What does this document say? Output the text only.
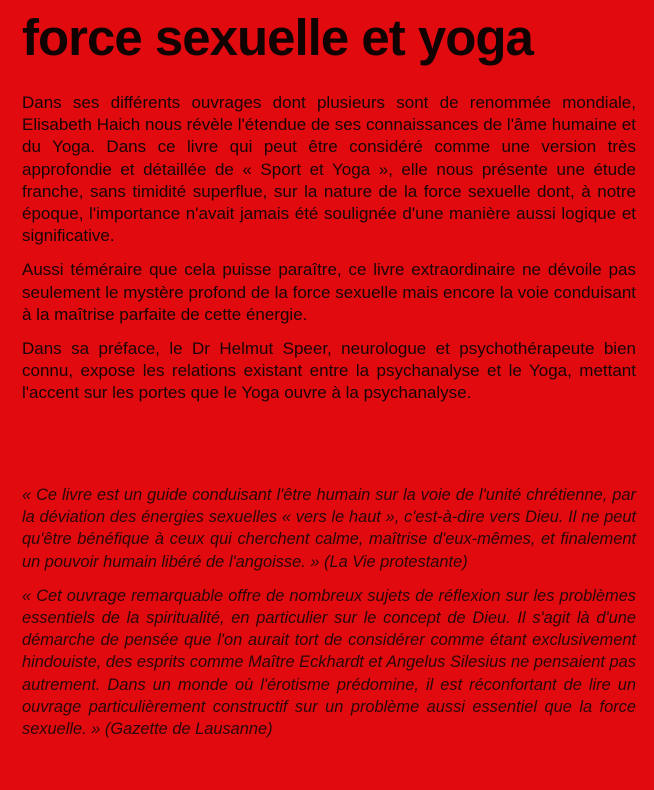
force sexuelle et yoga

Dans ses différents ouvrages dont plusieurs sont de renommée mondiale, Elisabeth Haich nous révèle l'étendue de ses connaissances de l'âme humaine et du Yoga. Dans ce livre qui peut être considéré comme une version très approfondie et détaillée de « Sport et Yoga », elle nous présente une étude franche, sans timidité superflue, sur la nature de la force sexuelle dont, à notre époque, l'importance n'avait jamais été soulignée d'une manière aussi logique et significative.

Aussi téméraire que cela puisse paraître, ce livre extraordinaire ne dévoile pas seulement le mystère profond de la force sexuelle mais encore la voie conduisant à la maîtrise parfaite de cette énergie.

Dans sa préface, le Dr Helmut Speer, neurologue et psychothérapeute bien connu, expose les relations existant entre la psychanalyse et le Yoga, mettant l'accent sur les portes que le Yoga ouvre à la psychanalyse.

« Ce livre est un guide conduisant l'être humain sur la voie de l'unité chrétienne, par la déviation des énergies sexuelles « vers le haut », c'est-à-dire vers Dieu. Il ne peut qu'être bénéfique à ceux qui cherchent calme, maîtrise d'eux-mêmes, et finalement un pouvoir humain libéré de l'angoisse. » (La Vie protestante)

« Cet ouvrage remarquable offre de nombreux sujets de réflexion sur les problèmes essentiels de la spiritualité, en particulier sur le concept de Dieu. Il s'agit là d'une démarche de pensée que l'on aurait tort de considérer comme étant exclusivement hindouiste, des esprits comme Maître Eckhardt et Angelus Silesius ne pensaient pas autrement. Dans un monde où l'érotisme prédomine, il est réconfortant de lire un ouvrage particulièrement constructif sur un problème aussi essentiel que la force sexuelle. » (Gazette de Lausanne)
